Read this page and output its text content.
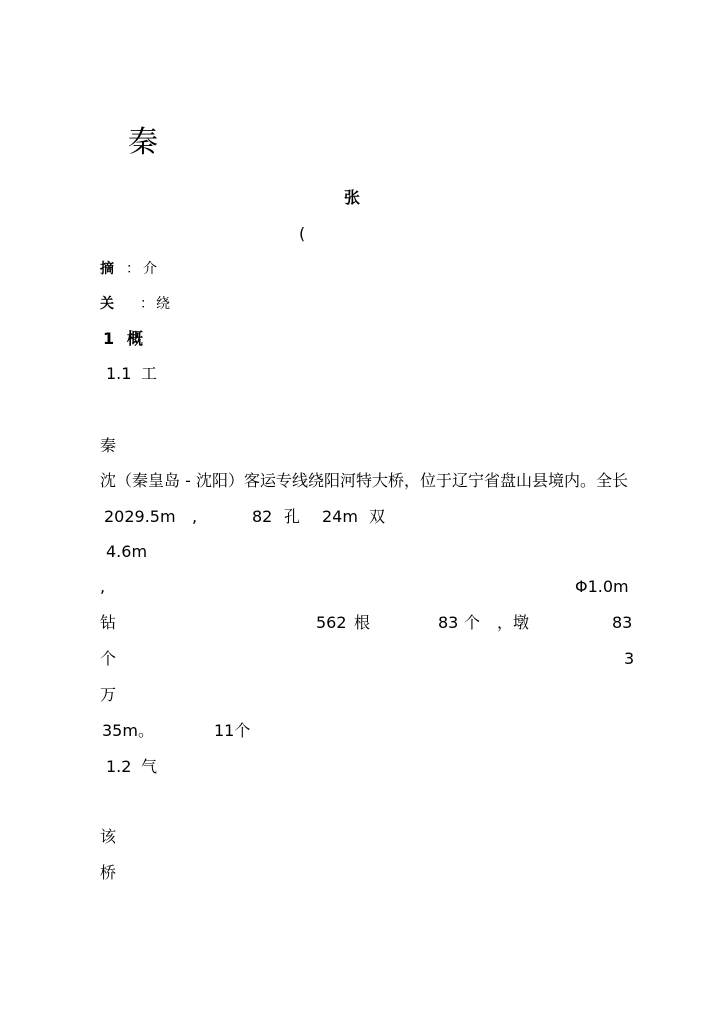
秦
张
(
摘 ： 介
关 ： 绕
1 概
1.1 工
秦
沈（秦皇岛 - 沈阳）客运专线绕阳河特大桥，位于辽宁省盘山县境内。全长
2029.5m ,	82 孔 24m 双
4.6m
,	Φ1.0m
钻	562 根	83 个 ，墩	83
个	3
万
35m。	11个
1.2 气
该
桥
